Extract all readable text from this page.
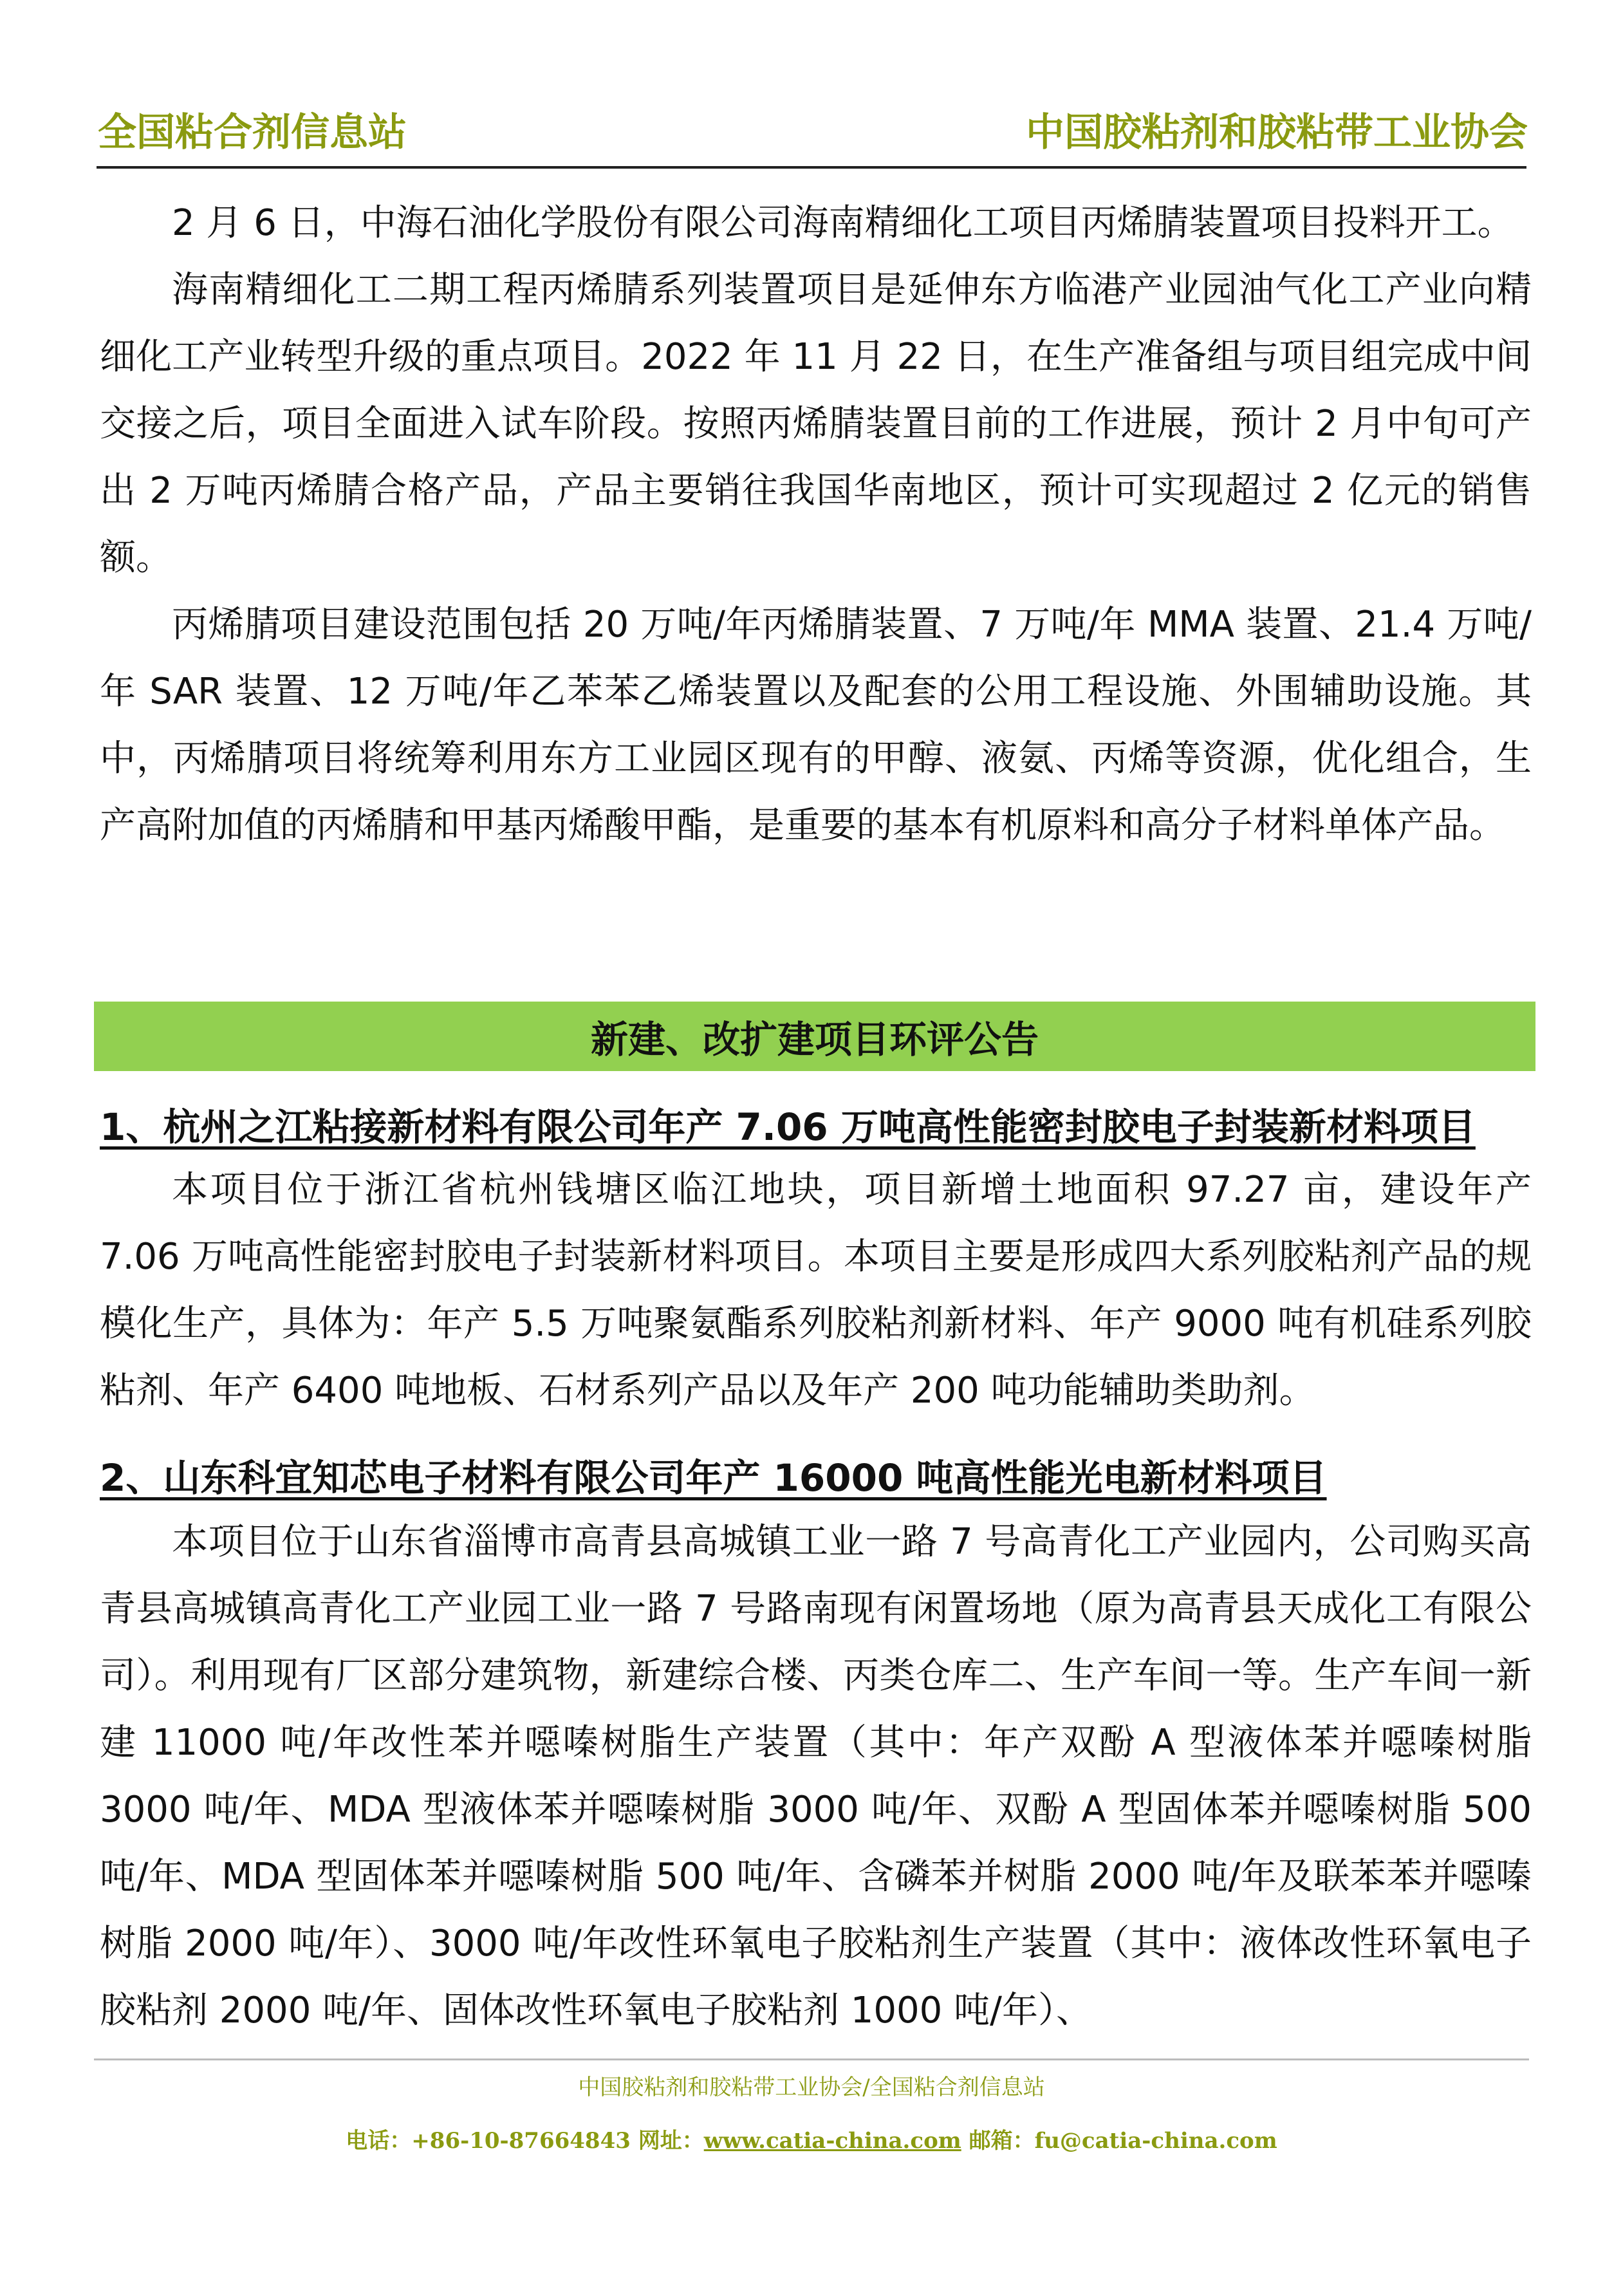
全国粘合剂信息站	中国胶粘剂和胶粘带工业协会

2 月 6 日，中海石油化学股份有限公司海南精细化工项目丙烯腈装置项目投料开工。

海南精细化工二期工程丙烯腈系列装置项目是延伸东方临港产业园油气化工产业向精细化工产业转型升级的重点项目。2022 年 11 月 22 日，在生产准备组与项目组完成中间交接之后，项目全面进入试车阶段。按照丙烯腈装置目前的工作进展，预计 2 月中旬可产出 2 万吨丙烯腈合格产品，产品主要销往我国华南地区，预计可实现超过 2 亿元的销售额。

丙烯腈项目建设范围包括 20 万吨/年丙烯腈装置、7 万吨/年 MMA 装置、21.4 万吨/年 SAR 装置、12 万吨/年乙苯苯乙烯装置以及配套的公用工程设施、外围辅助设施。其中，丙烯腈项目将统筹利用东方工业园区现有的甲醇、液氨、丙烯等资源，优化组合，生产高附加值的丙烯腈和甲基丙烯酸甲酯，是重要的基本有机原料和高分子材料单体产品。

新建、改扩建项目环评公告
1、杭州之江粘接新材料有限公司年产 7.06 万吨高性能密封胶电子封装新材料项目

本项目位于浙江省杭州钱塘区临江地块，项目新增土地面积 97.27 亩，建设年产 7.06 万吨高性能密封胶电子封装新材料项目。本项目主要是形成四大系列胶粘剂产品的规模化生产，具体为：年产 5.5 万吨聚氨酯系列胶粘剂新材料、年产 9000 吨有机硅系列胶粘剂、年产 6400 吨地板、石材系列产品以及年产 200 吨功能辅助类助剂。

2、山东科宜知芯电子材料有限公司年产 16000 吨高性能光电新材料项目

本项目位于山东省淄博市高青县高城镇工业一路 7 号高青化工产业园内，公司购买高青县高城镇高青化工产业园工业一路 7 号路南现有闲置场地（原为高青县天成化工有限公司）。利用现有厂区部分建筑物，新建综合楼、丙类仓库二、生产车间一等。生产车间一新建 11000 吨/年改性苯并噁嗪树脂生产装置（其中：年产双酚 A 型液体苯并噁嗪树脂 3000 吨/年、MDA 型液体苯并噁嗪树脂 3000 吨/年、双酚 A 型固体苯并噁嗪树脂 500 吨/年、MDA 型固体苯并噁嗪树脂 500 吨/年、含磷苯并树脂 2000 吨/年及联苯苯并噁嗪树脂 2000 吨/年）、3000 吨/年改性环氧电子胶粘剂生产装置（其中：液体改性环氧电子胶粘剂 2000 吨/年、固体改性环氧电子胶粘剂 1000 吨/年）、

中国胶粘剂和胶粘带工业协会/全国粘合剂信息站
电话：+86-10-87664843 网址：www.catia-china.com 邮箱：fu@catia-china.com
